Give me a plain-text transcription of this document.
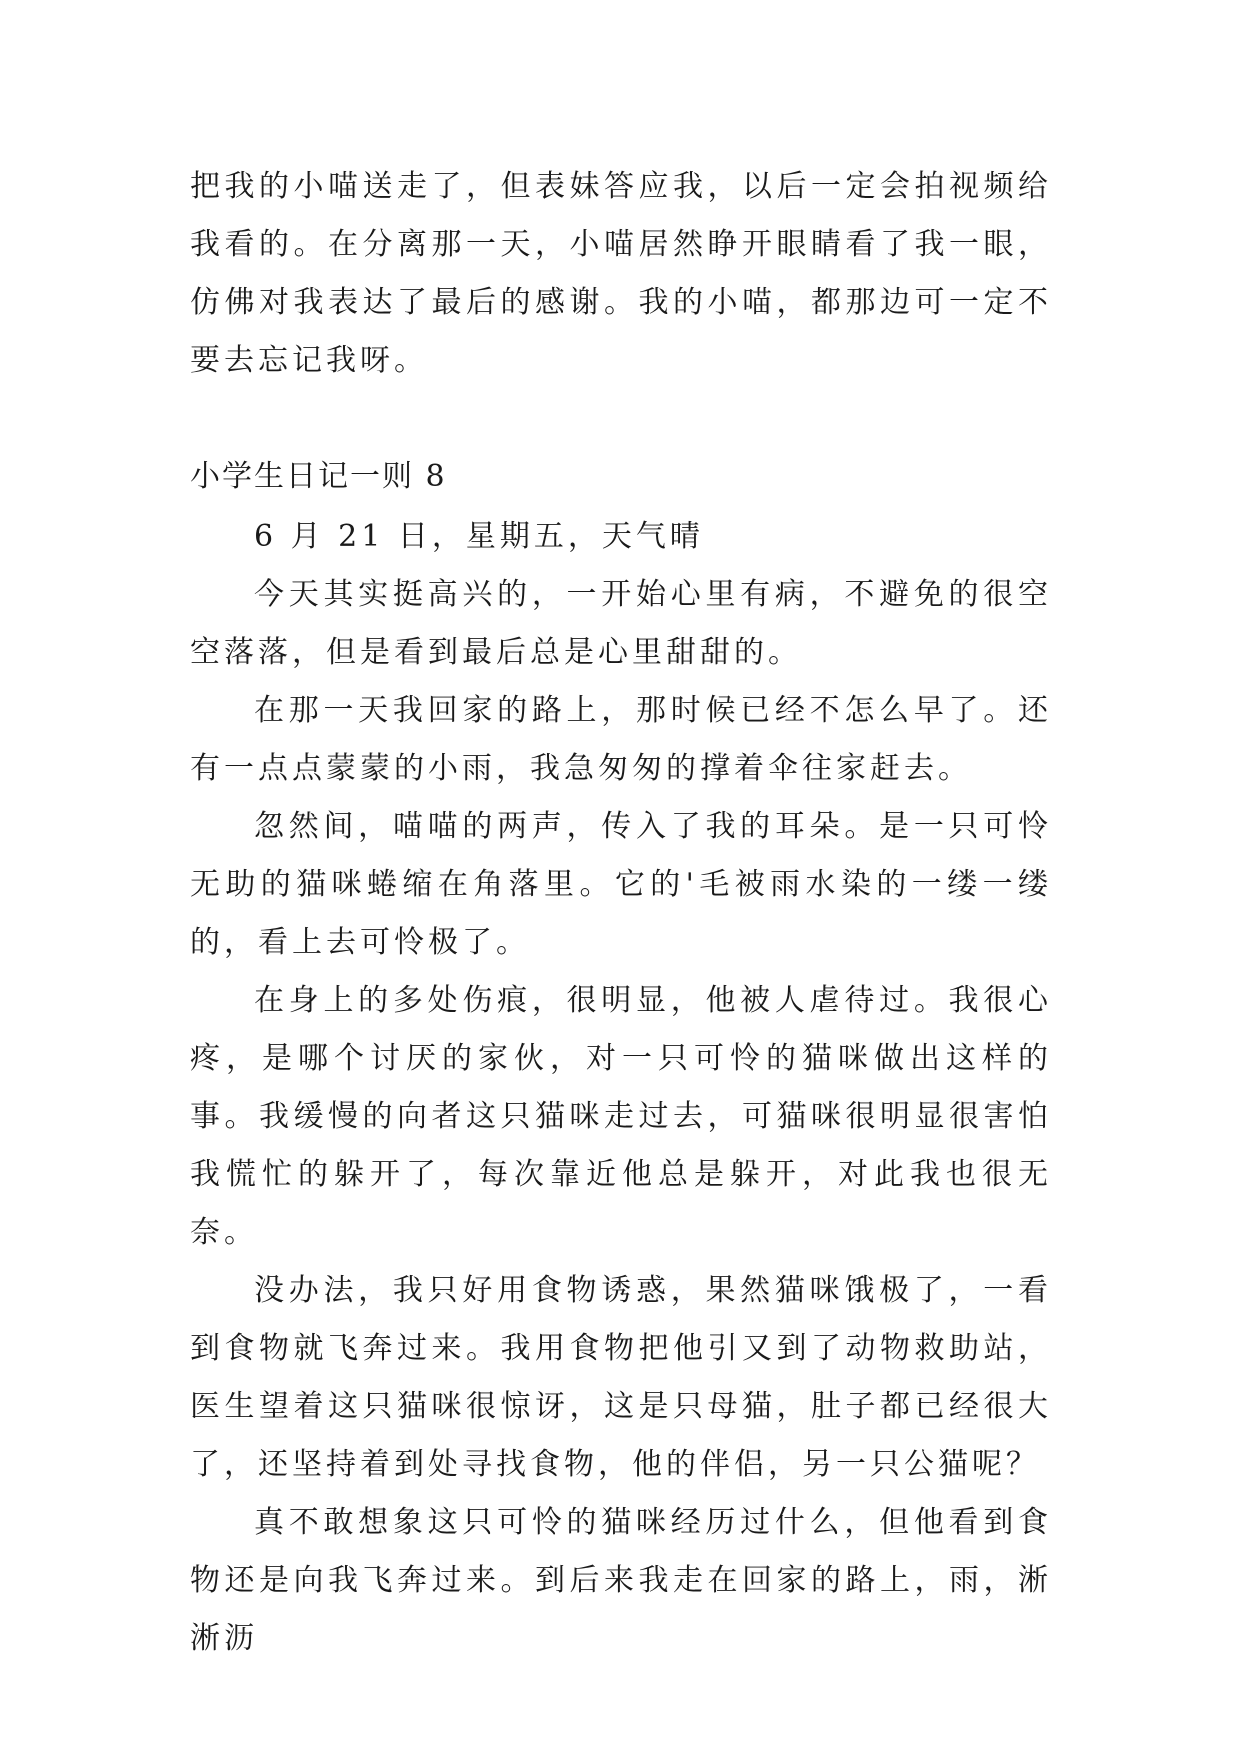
把我的小喵送走了，但表妹答应我，以后一定会拍视频给我看的。在分离那一天，小喵居然睁开眼睛看了我一眼，仿佛对我表达了最后的感谢。我的小喵，都那边可一定不要去忘记我呀。

小学生日记一则 8

6 月 21 日，星期五，天气晴

今天其实挺高兴的，一开始心里有病，不避免的很空空落落，但是看到最后总是心里甜甜的。

在那一天我回家的路上，那时候已经不怎么早了。还有一点点蒙蒙的小雨，我急匆匆的撑着伞往家赶去。

忽然间，喵喵的两声，传入了我的耳朵。是一只可怜无助的猫咪蜷缩在角落里。它的'毛被雨水染的一缕一缕的，看上去可怜极了。

在身上的多处伤痕，很明显，他被人虐待过。我很心疼，是哪个讨厌的家伙，对一只可怜的猫咪做出这样的事。我缓慢的向者这只猫咪走过去，可猫咪很明显很害怕我慌忙的躲开了，每次靠近他总是躲开，对此我也很无奈。

没办法，我只好用食物诱惑，果然猫咪饿极了，一看到食物就飞奔过来。我用食物把他引又到了动物救助站，医生望着这只猫咪很惊讶，这是只母猫，肚子都已经很大了，还坚持着到处寻找食物，他的伴侣，另一只公猫呢？

真不敢想象这只可怜的猫咪经历过什么，但他看到食物还是向我飞奔过来。到后来我走在回家的路上，雨，淅淅沥
